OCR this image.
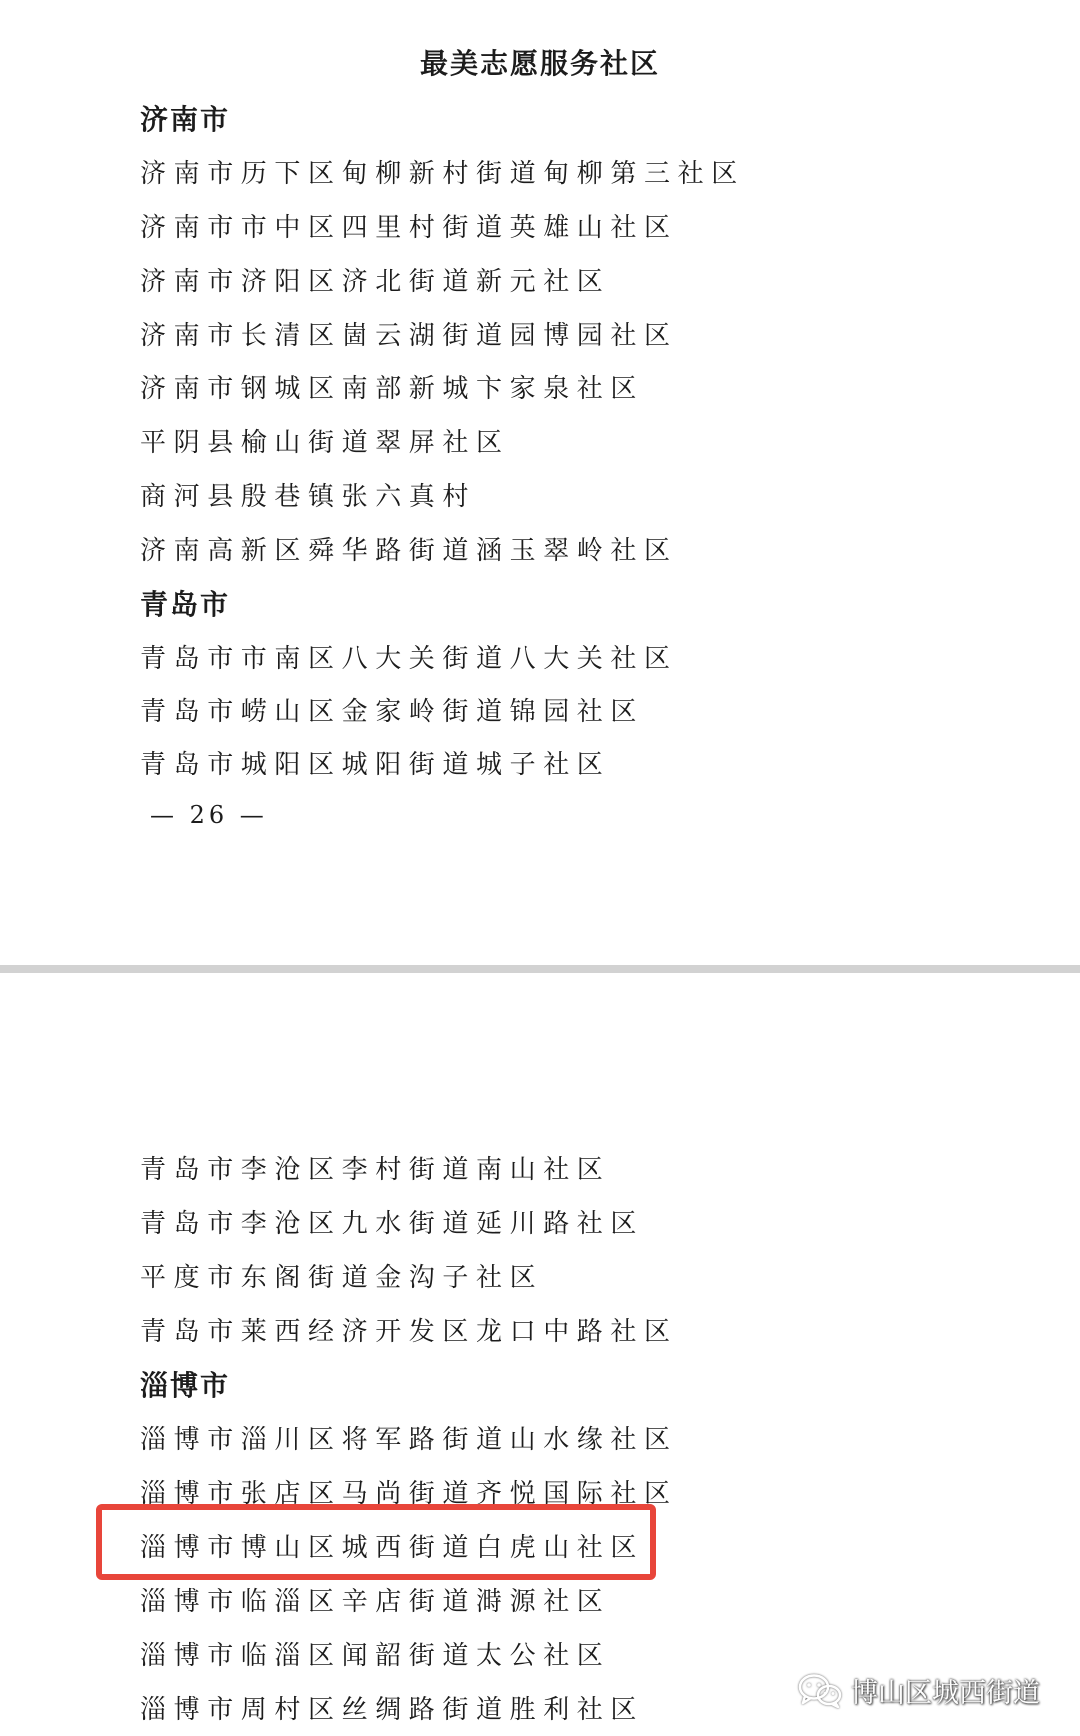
最美志愿服务社区
济南市
济南市历下区甸柳新村街道甸柳第三社区
济南市市中区四里村街道英雄山社区
济南市济阳区济北街道新元社区
济南市长清区崮云湖街道园博园社区
济南市钢城区南部新城卞家泉社区
平阴县榆山街道翠屏社区
商河县殷巷镇张六真村
济南高新区舜华路街道涵玉翠岭社区
青岛市
青岛市市南区八大关街道八大关社区
青岛市崂山区金家岭街道锦园社区
青岛市城阳区城阳街道城子社区
— 26 —
青岛市李沧区李村街道南山社区
青岛市李沧区九水街道延川路社区
平度市东阁街道金沟子社区
青岛市莱西经济开发区龙口中路社区
淄博市
淄博市淄川区将军路街道山水缘社区
淄博市张店区马尚街道齐悦国际社区
淄博市博山区城西街道白虎山社区
淄博市临淄区辛店街道溡源社区
淄博市临淄区闻韶街道太公社区
淄博市周村区丝绸路街道胜利社区
博山区城西街道
